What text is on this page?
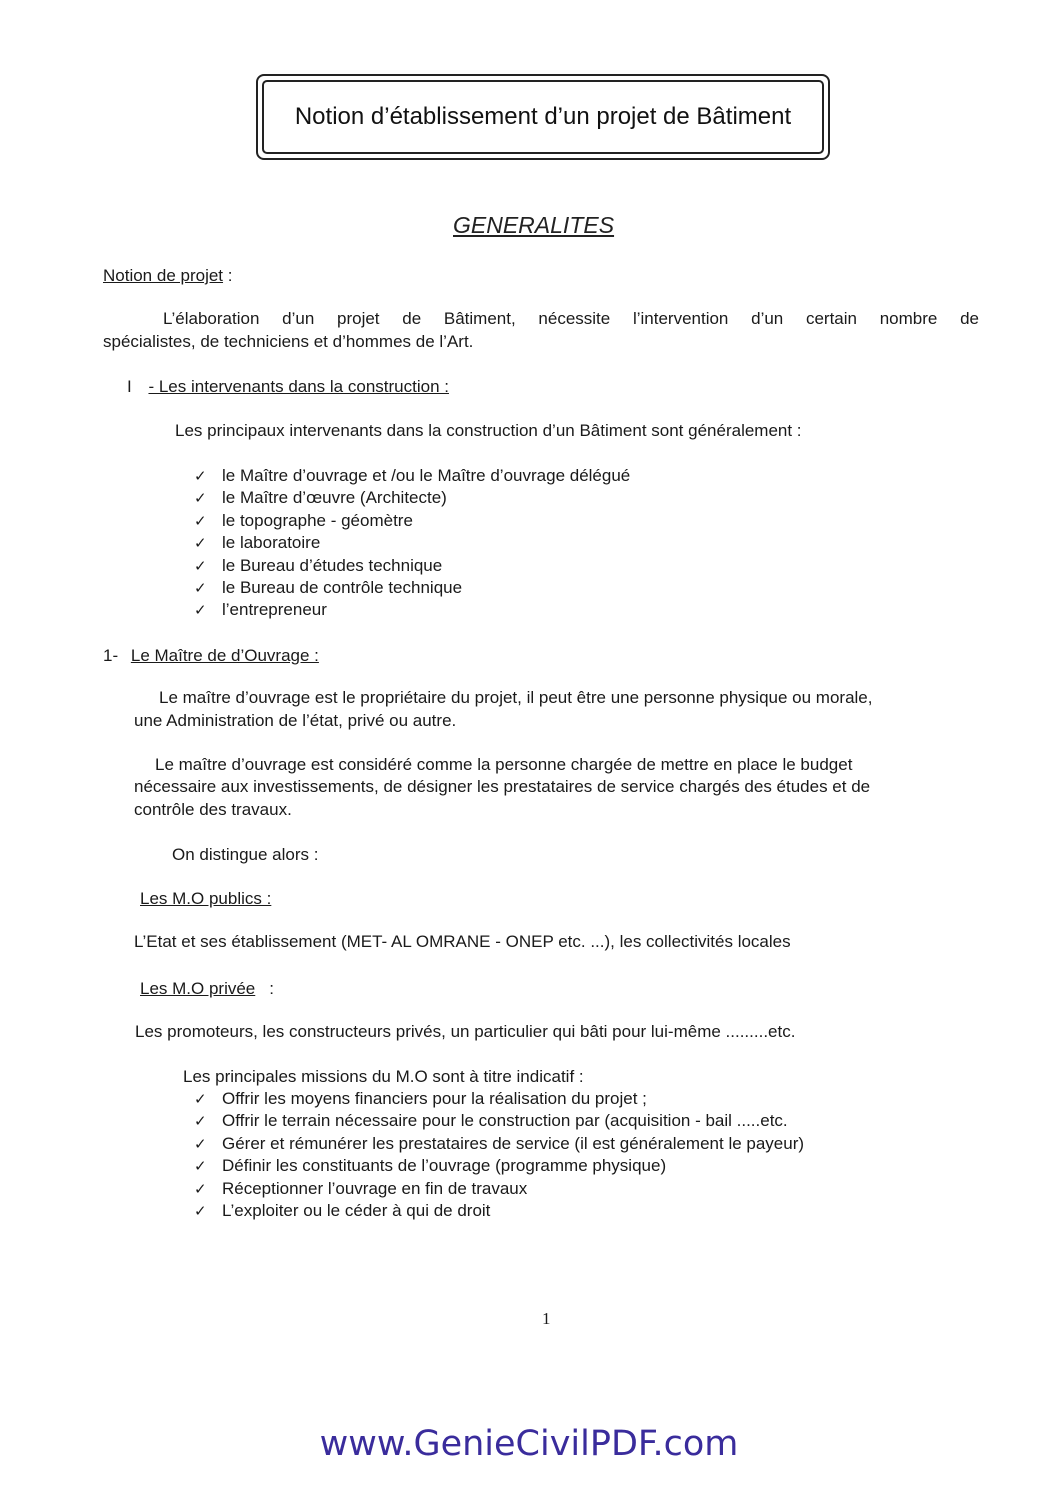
Notion d’établissement d’un projet de Bâtiment
GENERALITES
Notion de projet :
L’élaboration d’un projet de Bâtiment, nécessite l’intervention d’un certain nombre de
spécialistes, de techniciens et d’hommes de l’Art.
I - Les intervenants dans la construction :
Les principaux intervenants dans la construction d’un Bâtiment sont généralement :
✓ le Maître d’ouvrage et /ou le Maître d’ouvrage délégué
✓ le Maître d’œuvre (Architecte)
✓ le topographe - géomètre
✓ le laboratoire
✓ le Bureau d’études technique
✓ le Bureau de contrôle technique
✓ l’entrepreneur
1- Le Maître de d’Ouvrage :
Le maître d’ouvrage est le propriétaire du projet, il peut être une personne physique ou morale,
une Administration de l’état, privé ou autre.
Le maître d’ouvrage est considéré comme la personne chargée de mettre en place le budget
nécessaire aux investissements, de désigner les prestataires de service chargés des études et de
contrôle des travaux.
On distingue alors :
Les M.O publics :
L’Etat et ses établissement (MET- AL OMRANE - ONEP etc. ...), les collectivités locales
Les M.O privée :
Les promoteurs, les constructeurs privés, un particulier qui bâti pour lui-même .........etc.
Les principales missions du M.O sont à titre indicatif :
✓ Offrir les moyens financiers pour la réalisation du projet ;
✓ Offrir le terrain nécessaire pour le construction par (acquisition - bail .....etc.
✓ Gérer et rémunérer les prestataires de service (il est généralement le payeur)
✓ Définir les constituants de l’ouvrage (programme physique)
✓ Réceptionner l’ouvrage en fin de travaux
✓ L’exploiter ou le céder à qui de droit
1
www.GenieCivilPDF.com
